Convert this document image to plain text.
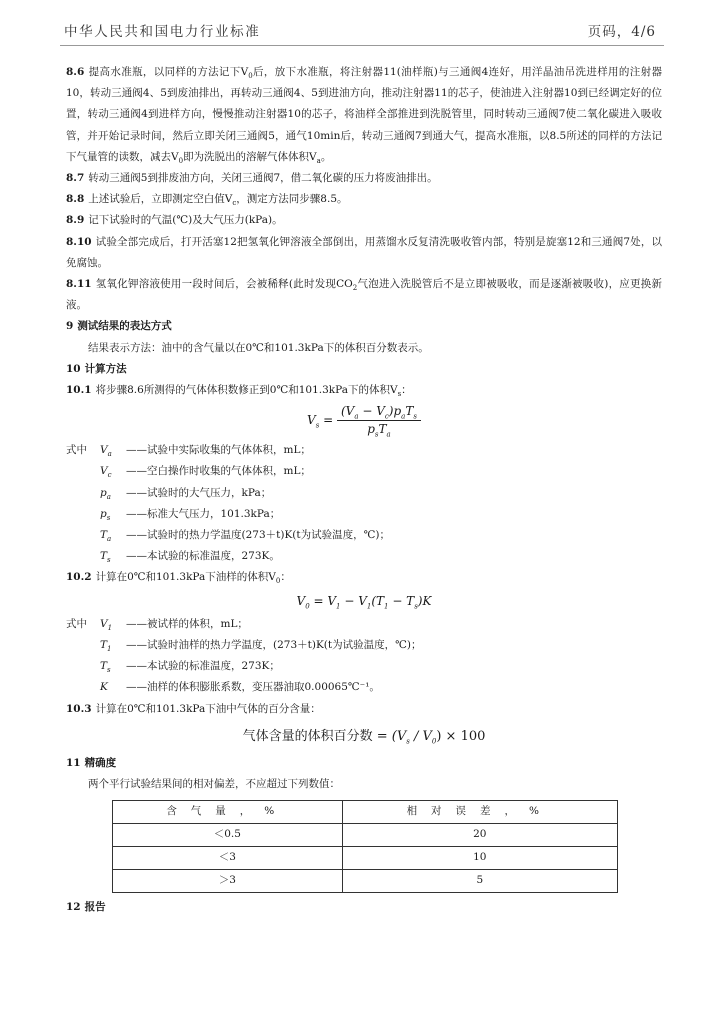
中华人民共和国电力行业标准	页码，4/6

8.6 提高水准瓶，以同样的方法记下$V_0$后，放下水准瓶，将注射器11(油样瓶)与三通阀4连好，用洋晶油吊洗进样用的注射器10，转动三通阀4、5到废油排出，再转动三通阀4、5到进油方向，推动注射器11的芯子，使油进入注射器10到已经调定好的位置，转动三通阀4到进样方向，慢慢推动注射器10的芯子，将油样全部推进到洗脱管里，同时转动三通阀7使二氧化碳进入吸收管，并开始记录时间，然后立即关闭三通阀5，通气10min后，转动三通阀7到通大气，提高水准瓶，以8.5所述的同样的方法记下气量管的读数，减去$V_0$即为洗脱出的溶解气体体积$V_a$。

8.7 转动三通阀5到排废油方向，关闭三通阀7，借二氧化碳的压力将废油排出。

8.8 上述试验后，立即测定空白值$V_c$，测定方法同步骤8.5。

8.9 记下试验时的气温(℃)及大气压力(kPa)。

8.10 试验全部完成后，打开活塞12把氢氧化钾溶液全部倒出，用蒸馏水反复清洗吸收管内部，特别是旋塞12和三通阀7处，以免腐蚀。

8.11 氢氧化钾溶液使用一段时间后，会被稀释(此时发现$CO_2$气泡进入洗脱管后不是立即被吸收，而是逐渐被吸收)，应更换新液。

9 测试结果的表达方式

结果表示方法：油中的含气量以在0℃和101.3kPa下的体积百分数表示。

10 计算方法

10.1 将步骤8.6所测得的气体体积数修正到0℃和101.3kPa下的体积$V_s$：

$V_s = \frac{(V_a - V_c)p_aT_s}{p_sT_a}$
式中	$V_a$	——试验中实际收集的气体体积，mL；
$V_c$	——空白操作时收集的气体体积，mL；
$p_a$	——试验时的大气压力，kPa；
$p_s$	——标准大气压力，101.3kPa；
$T_a$	——试验时的热力学温度(273＋t)K(t为试验温度，℃)；
$T_s$	——本试验的标准温度，273K。

10.2 计算在0℃和101.3kPa下油样的体积$V_0$：

$V_0 = V_1 - V_1(T_1 - T_s)K$
式中	$V_1$	——被试样的体积，mL；
$T_1$	——试验时油样的热力学温度，(273＋t)K(t为试验温度，℃)；
$T_s$	——本试验的标准温度，273K；
K	——油样的体积膨胀系数，变压器油取0.00065℃⁻¹。

10.3 计算在0℃和101.3kPa下油中气体的百分含量：

气体含量的体积百分数 = $(V_s / V_0) \times 100$

11 精确度

两个平行试验结果间的相对偏差，不应超过下列数值：

含气量，%	相对误差，%
＜0.5	20
＜3	10
＞3	5

12 报告
